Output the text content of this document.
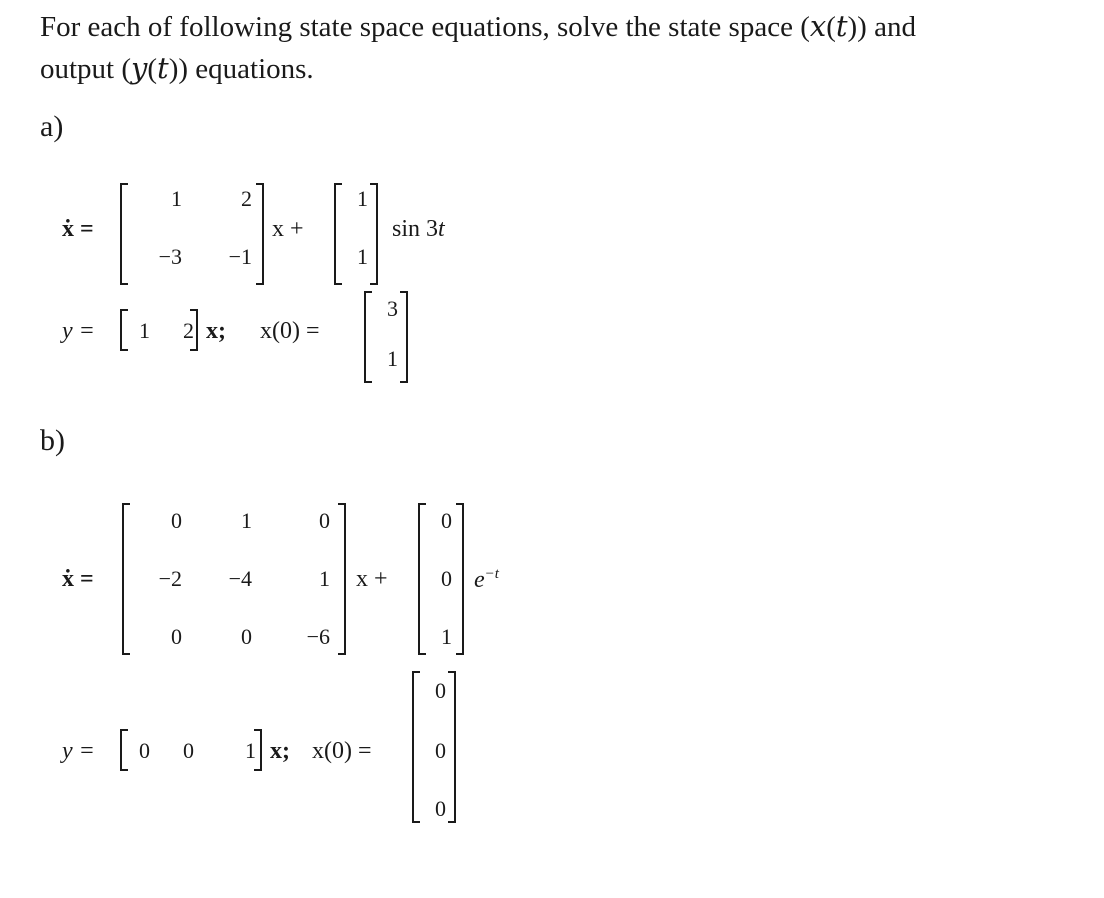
For each of following state space equations, solve the state space (𝑥(𝑡)) and
output (𝑦(𝑡)) equations.
a)
ẋ =
1	2
−3	−1
x +
1
1
sin 3t
y =	1	2 x; x(0) =
3
1
b)
ẋ =
0	1	0
−2	−4	1
0	0	−6
x +
0
0
1
$e^{-t}$
y =	0	0	1 x; x(0) =
0
0
0
